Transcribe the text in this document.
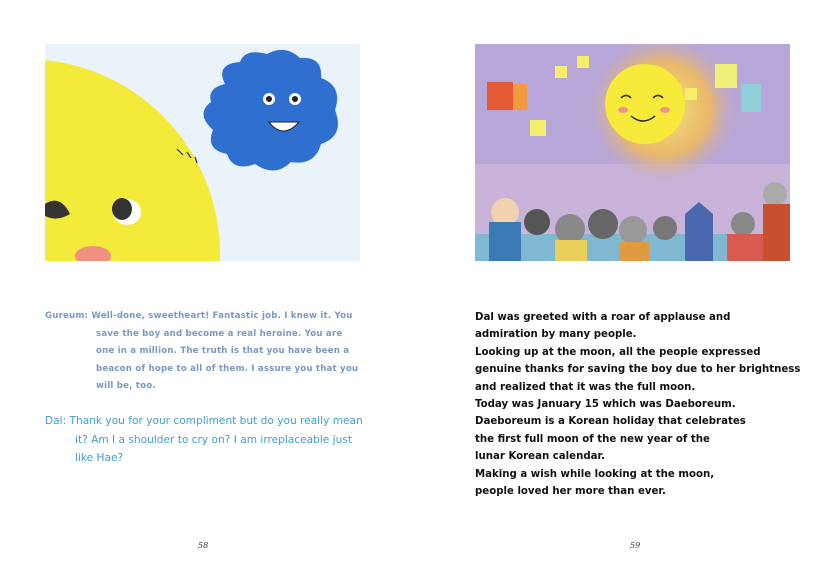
Gureum: Well-done, sweetheart! Fantastic job. I knew it. You
save the boy and become a real heroine. You are
one in a million. The truth is that you have been a
beacon of hope to all of them. I assure you that you
will be, too.
Dal: Thank you for your compliment but do you really mean
it? Am I a shoulder to cry on? I am irreplaceable just
like Hae?
58
Dal was greeted with a roar of applause and
admiration by many people.
Looking up at the moon, all the people expressed
genuine thanks for saving the boy due to her brightness
and realized that it was the full moon.
Today was January 15 which was Daeboreum.
Daeboreum is a Korean holiday that celebrates
the first full moon of the new year of the
lunar Korean calendar.
Making a wish while looking at the moon,
people loved her more than ever.
59
